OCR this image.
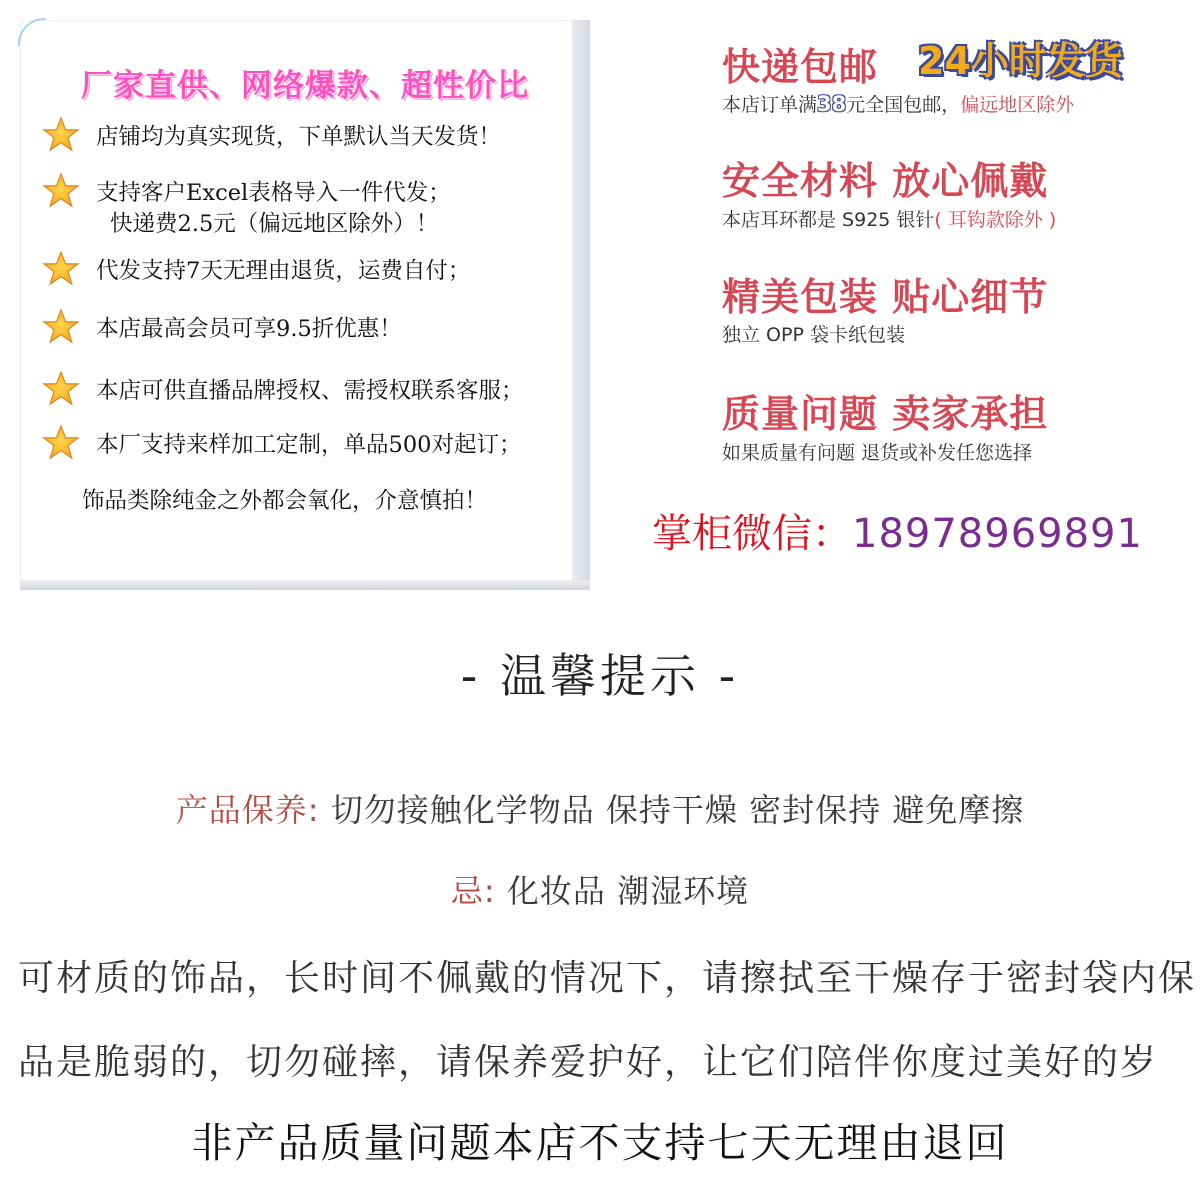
厂家直供、网络爆款、超性价比
店铺均为真实现货，下单默认当天发货！
支持客户Excel表格导入一件代发；
快递费2.5元（偏远地区除外）！
代发支持7天无理由退货，运费自付；
本店最高会员可享9.5折优惠！
本店可供直播品牌授权、需授权联系客服；
本厂支持来样加工定制，单品500对起订；
饰品类除纯金之外都会氧化，介意慎拍！
快递包邮 24小时发货
本店订单满38元全国包邮，偏远地区除外
安全材料 放心佩戴
本店耳环都是 S925 银针( 耳钩款除外 )
精美包装 贴心细节
独立 OPP 袋卡纸包装
质量问题 卖家承担
如果质量有问题 退货或补发任您选择
掌柜微信：18978969891
- 温馨提示 -
产品保养: 切勿接触化学物品 保持干燥 密封保持 避免摩擦
忌: 化妆品 潮湿环境
可材质的饰品，长时间不佩戴的情况下，请擦拭至干燥存于密封袋内保
品是脆弱的，切勿碰摔，请保养爱护好，让它们陪伴你度过美好的岁
非产品质量问题本店不支持七天无理由退回
